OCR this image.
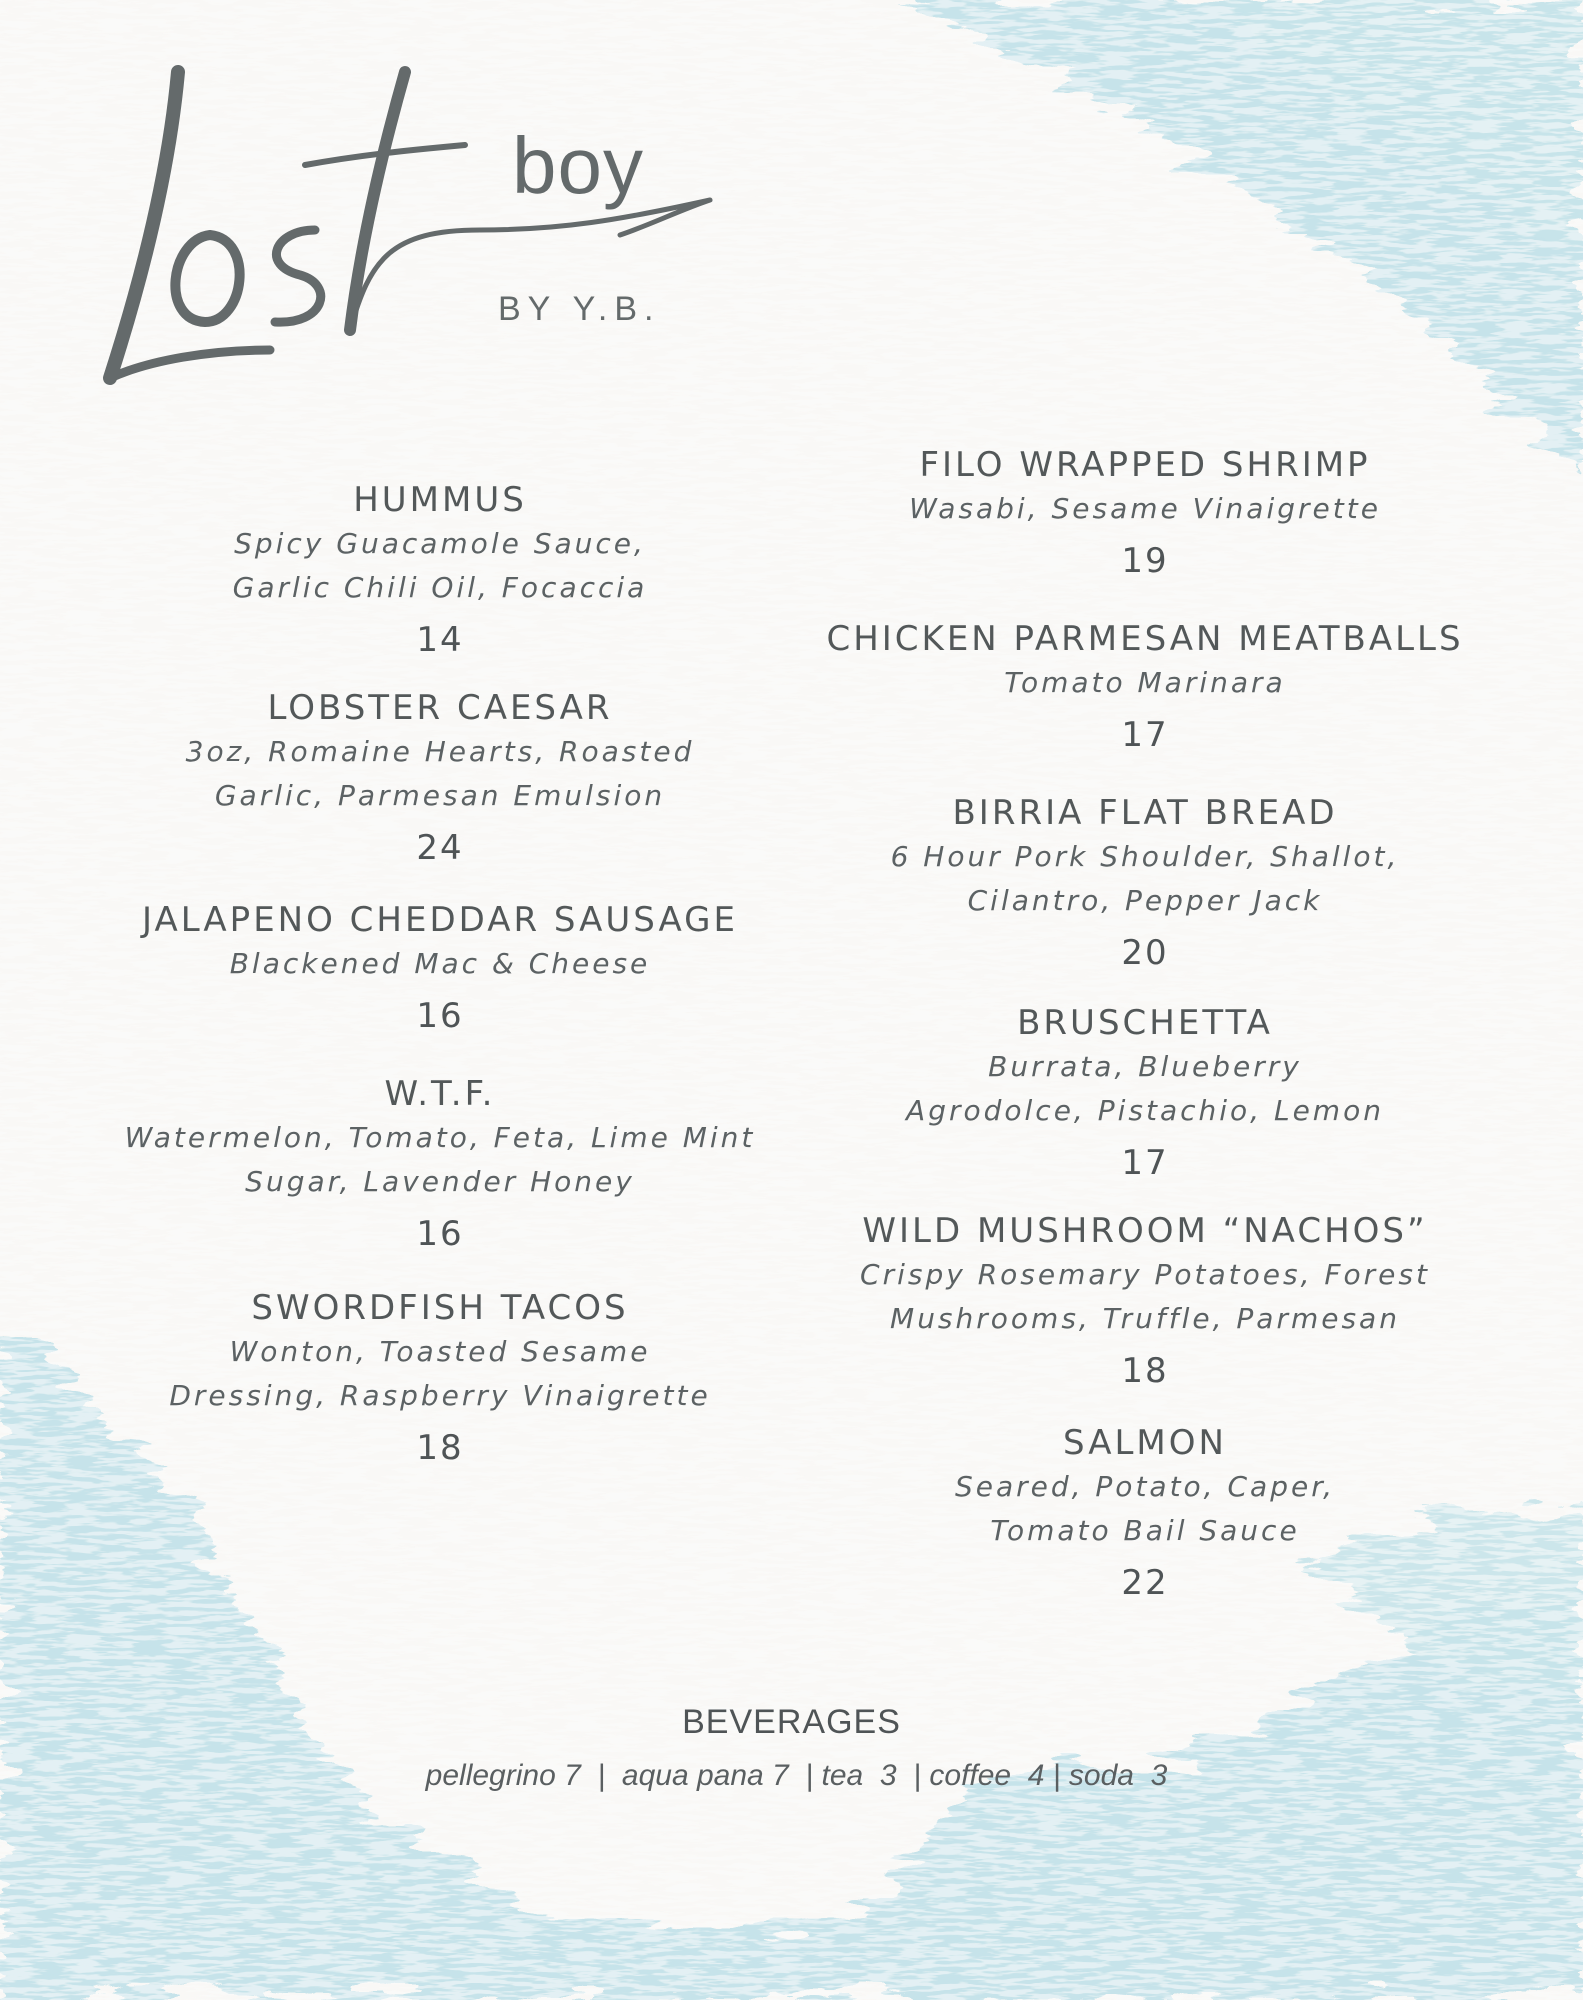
boy
BY Y.B.
HUMMUS
Spicy Guacamole Sauce,
Garlic Chili Oil, Focaccia
14
LOBSTER CAESAR
3oz, Romaine Hearts, Roasted
Garlic, Parmesan Emulsion
24
JALAPENO CHEDDAR SAUSAGE
Blackened Mac & Cheese
16
W.T.F.
Watermelon, Tomato, Feta, Lime Mint
Sugar, Lavender Honey
16
SWORDFISH TACOS
Wonton, Toasted Sesame
Dressing, Raspberry Vinaigrette
18
FILO WRAPPED SHRIMP
Wasabi, Sesame Vinaigrette
19
CHICKEN PARMESAN MEATBALLS
Tomato Marinara
17
BIRRIA FLAT BREAD
6 Hour Pork Shoulder, Shallot,
Cilantro, Pepper Jack
20
BRUSCHETTA
Burrata, Blueberry
Agrodolce, Pistachio, Lemon
17
WILD MUSHROOM “NACHOS”
Crispy Rosemary Potatoes, Forest
Mushrooms, Truffle, Parmesan
18
SALMON
Seared, Potato, Caper,
Tomato Bail Sauce
22
BEVERAGES
pellegrino 7  |  aqua pana 7  | tea  3  | coffee  4 | soda  3
